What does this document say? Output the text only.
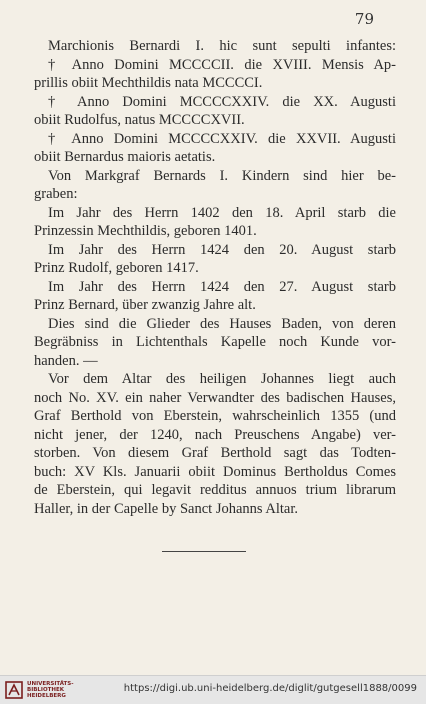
79
Marchionis Bernardi I. hic sunt sepulti infantes:
† Anno Domini MCCCCII. die XVIII. Mensis Ap-
prillis obiit Mechthildis nata MCCCCI.
† Anno Domini MCCCCXXIV. die XX. Augusti
obiit Rudolfus, natus MCCCCXVII.
† Anno Domini MCCCCXXIV. die XXVII. Augusti
obiit Bernardus maioris aetatis.
Von Markgraf Bernards I. Kindern sind hier be-
graben:
Im Jahr des Herrn 1402 den 18. April starb die
Prinzessin Mechthildis, geboren 1401.
Im Jahr des Herrn 1424 den 20. August starb
Prinz Rudolf, geboren 1417.
Im Jahr des Herrn 1424 den 27. August starb
Prinz Bernard, über zwanzig Jahre alt.
Dies sind die Glieder des Hauses Baden, von deren
Begräbniss in Lichtenthals Kapelle noch Kunde vor-
handen. —
Vor dem Altar des heiligen Johannes liegt auch
noch No. XV. ein naher Verwandter des badischen Hauses,
Graf Berthold von Eberstein, wahrscheinlich 1355 (und
nicht jener, der 1240, nach Preuschens Angabe) ver-
storben. Von diesem Graf Berthold sagt das Todten-
buch: XV Kls. Januarii obiit Dominus Bertholdus Comes
de Eberstein, qui legavit redditus annuos trium librarum
Haller, in der Capelle by Sanct Johanns Altar.
UNIVERSITÄTS-
BIBLIOTHEK
HEIDELBERG
https://digi.ub.uni-heidelberg.de/diglit/gutgesell1888/0099
